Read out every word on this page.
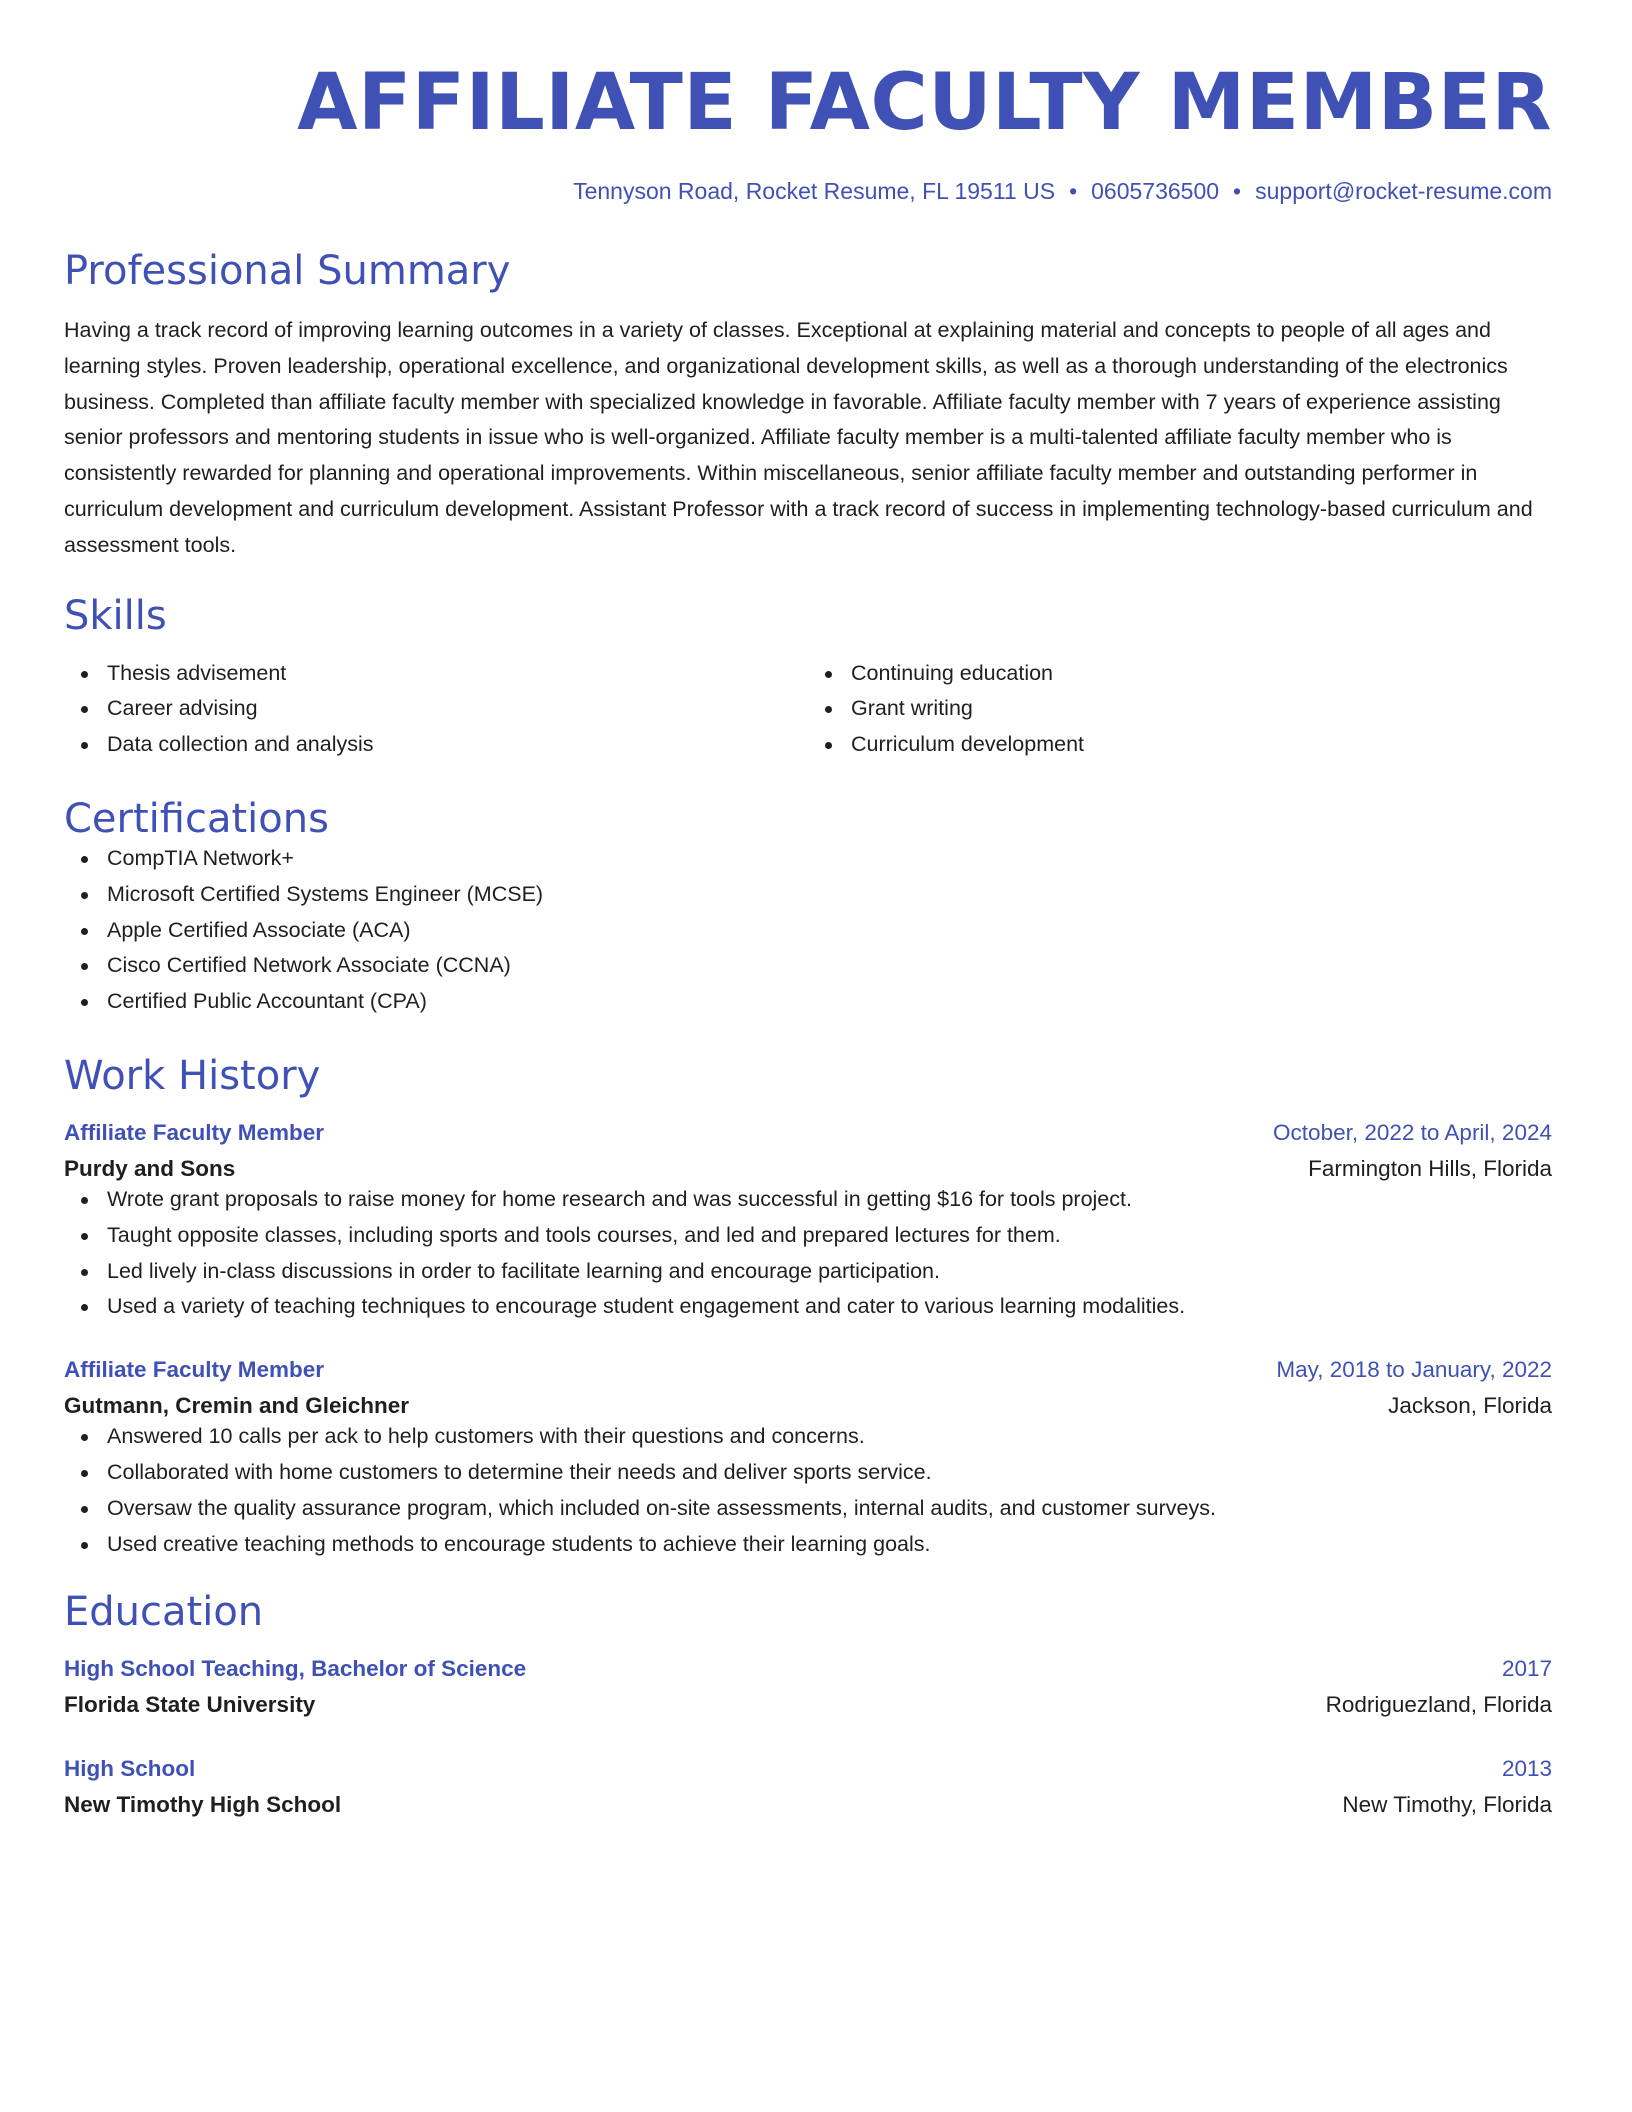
AFFILIATE FACULTY MEMBER
Tennyson Road, Rocket Resume, FL 19511 US • 0605736500 • support@rocket-resume.com
Professional Summary

Having a track record of improving learning outcomes in a variety of classes. Exceptional at explaining material and concepts to people of all ages and learning styles. Proven leadership, operational excellence, and organizational development skills, as well as a thorough understanding of the electronics business. Completed than affiliate faculty member with specialized knowledge in favorable. Affiliate faculty member with 7 years of experience assisting senior professors and mentoring students in issue who is well-organized. Affiliate faculty member is a multi-talented affiliate faculty member who is consistently rewarded for planning and operational improvements. Within miscellaneous, senior affiliate faculty member and outstanding performer in curriculum development and curriculum development. Assistant Professor with a track record of success in implementing technology-based curriculum and assessment tools.

Skills
Thesis advisement
Career advising
Data collection and analysis
Continuing education
Grant writing
Curriculum development
Certifications
CompTIA Network+
Microsoft Certified Systems Engineer (MCSE)
Apple Certified Associate (ACA)
Cisco Certified Network Associate (CCNA)
Certified Public Accountant (CPA)
Work History
Affiliate Faculty Member	October, 2022 to April, 2024
Purdy and Sons	Farmington Hills, Florida
Wrote grant proposals to raise money for home research and was successful in getting $16 for tools project.
Taught opposite classes, including sports and tools courses, and led and prepared lectures for them.
Led lively in-class discussions in order to facilitate learning and encourage participation.
Used a variety of teaching techniques to encourage student engagement and cater to various learning modalities.
Affiliate Faculty Member	May, 2018 to January, 2022
Gutmann, Cremin and Gleichner	Jackson, Florida
Answered 10 calls per ack to help customers with their questions and concerns.
Collaborated with home customers to determine their needs and deliver sports service.
Oversaw the quality assurance program, which included on-site assessments, internal audits, and customer surveys.
Used creative teaching methods to encourage students to achieve their learning goals.
Education
High School Teaching, Bachelor of Science	2017
Florida State University	Rodriguezland, Florida
High School	2013
New Timothy High School	New Timothy, Florida
